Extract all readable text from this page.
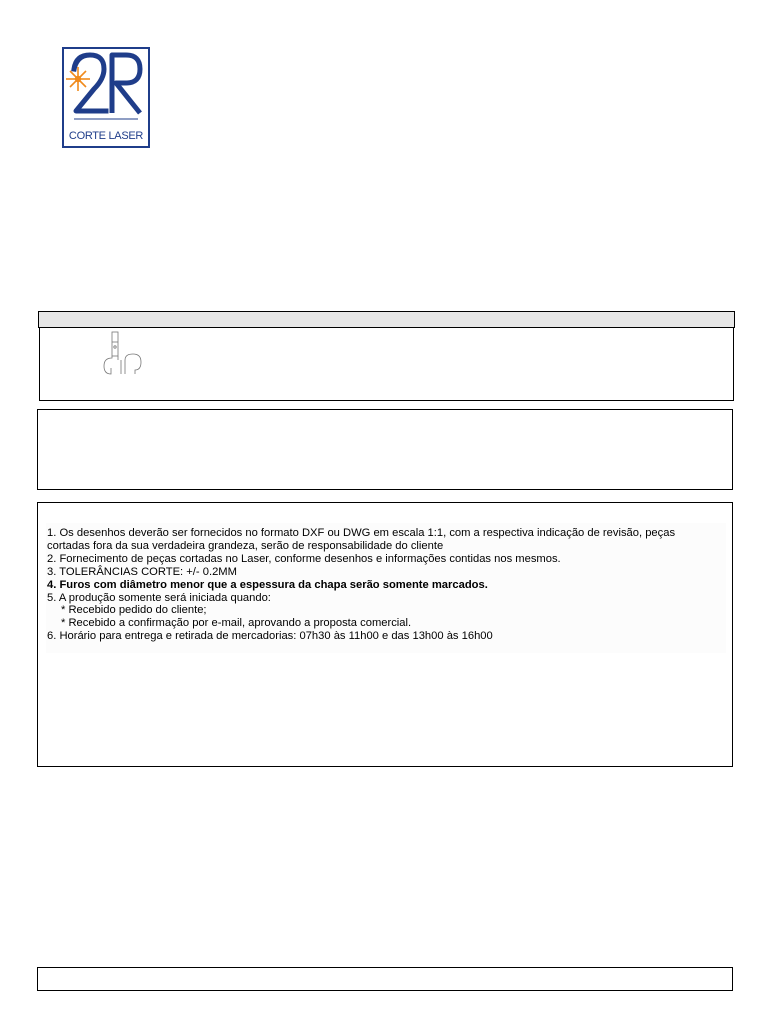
CORTE LASER
1. Os desenhos deverão ser fornecidos no formato DXF ou DWG em escala 1:1, com a respectiva indicação de revisão, peças
cortadas fora da sua verdadeira grandeza, serão de responsabilidade do cliente
2. Fornecimento de peças cortadas no Laser, conforme desenhos e informações contidas nos mesmos.
3. TOLERÂNCIAS CORTE: +/- 0.2MM
4. Furos com diâmetro menor que a espessura da chapa serão somente marcados.
5. A produção somente será iniciada quando:
* Recebido pedido do cliente;
* Recebido a confirmação por e-mail, aprovando a proposta comercial.
6. Horário para entrega e retirada de mercadorias: 07h30 às 11h00 e das 13h00 às 16h00
